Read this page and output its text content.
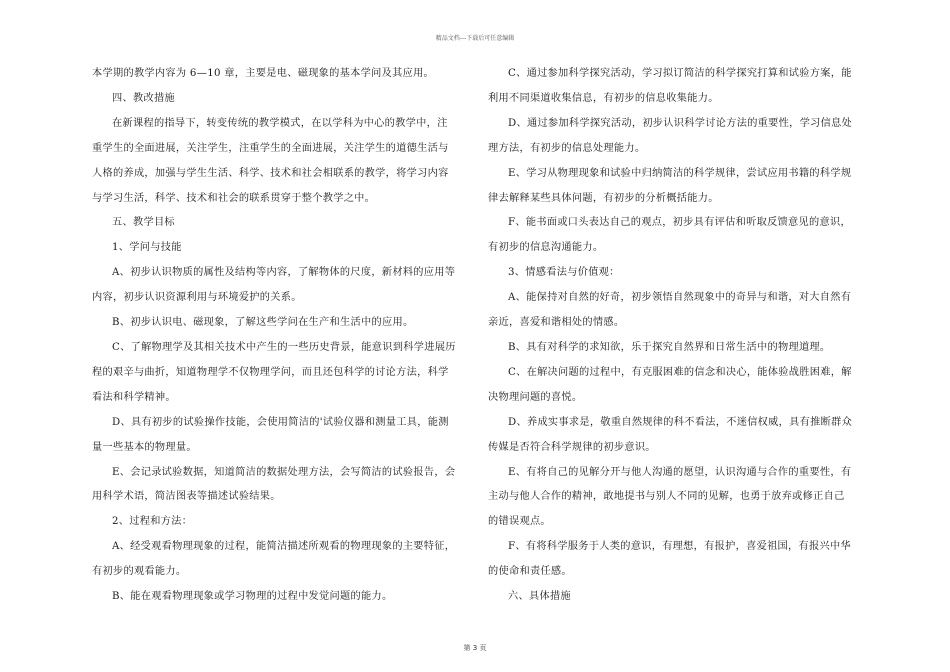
精品文档---下载后可任意编辑

本学期的教学内容为 6—10 章，主要是电、磁现象的基本学问及其应用。

四、教改措施

在新课程的指导下，转变传统的教学模式，在以学科为中心的教学中，注

重学生的全面进展，关注学生，注重学生的全面进展，关注学生的道德生活与

人格的养成，加强与学生生活、科学、技术和社会相联系的教学，将学习内容

与学习生活，科学、技术和社会的联系贯穿于整个教学之中。

五、教学目标

1、学问与技能

A、初步认识物质的属性及结构等内容，了解物体的尺度，新材料的应用等

内容，初步认识资源利用与环境爱护的关系。

B、初步认识电、磁现象，了解这些学问在生产和生活中的应用。

C、了解物理学及其相关技术中产生的一些历史背景，能意识到科学进展历

程的艰辛与曲折，知道物理学不仅物理学问，而且还包科学的讨论方法，科学

看法和科学精神。

D、具有初步的试验操作技能，会使用简洁的'试验仪器和测量工具，能测

量一些基本的物理量。

E、会记录试验数据，知道简洁的数据处理方法，会写简洁的试验报告，会

用科学术语，简洁图表等描述试验结果。

2、过程和方法：

A、经受观看物理现象的过程，能简洁描述所观看的物理现象的主要特征，

有初步的观看能力。

B、能在观看物理现象或学习物理的过程中发觉问题的能力。

C、通过参加科学探究活动，学习拟订简洁的科学探究打算和试验方案，能

利用不同渠道收集信息，有初步的信息收集能力。

D、通过参加科学探究活动，初步认识科学讨论方法的重要性，学习信息处

理方法，有初步的信息处理能力。

E、学习从物理现象和试验中归纳简洁的科学规律，尝试应用书籍的科学规

律去解释某些具体问题，有初步的分析概括能力。

F、能书面或口头表达自己的观点，初步具有评估和听取反馈意见的意识，

有初步的信息沟通能力。

3、情感看法与价值观：

A、能保持对自然的好奇，初步领悟自然现象中的奇异与和谐，对大自然有

亲近，喜爱和谐相处的情感。

B、具有对科学的求知欲，乐于探究自然界和日常生活中的物理道理。

C、在解决问题的过程中，有克服困难的信念和决心，能体验战胜困难，解

决物理问题的喜悦。

D、养成实事求是，敬重自然规律的科不看法，不迷信权威，具有推断群众

传媒是否符合科学规律的初步意识。

E、有将自己的见解分开与他人沟通的愿望，认识沟通与合作的重要性，有

主动与他人合作的精神，敢地提书与别人不同的见解，也勇于放弃或修正自己

的错误观点。

F、有将科学服务于人类的意识，有理想，有报护，喜爱祖国，有报兴中华

的使命和责任感。

六、具体措施

第 3 页
